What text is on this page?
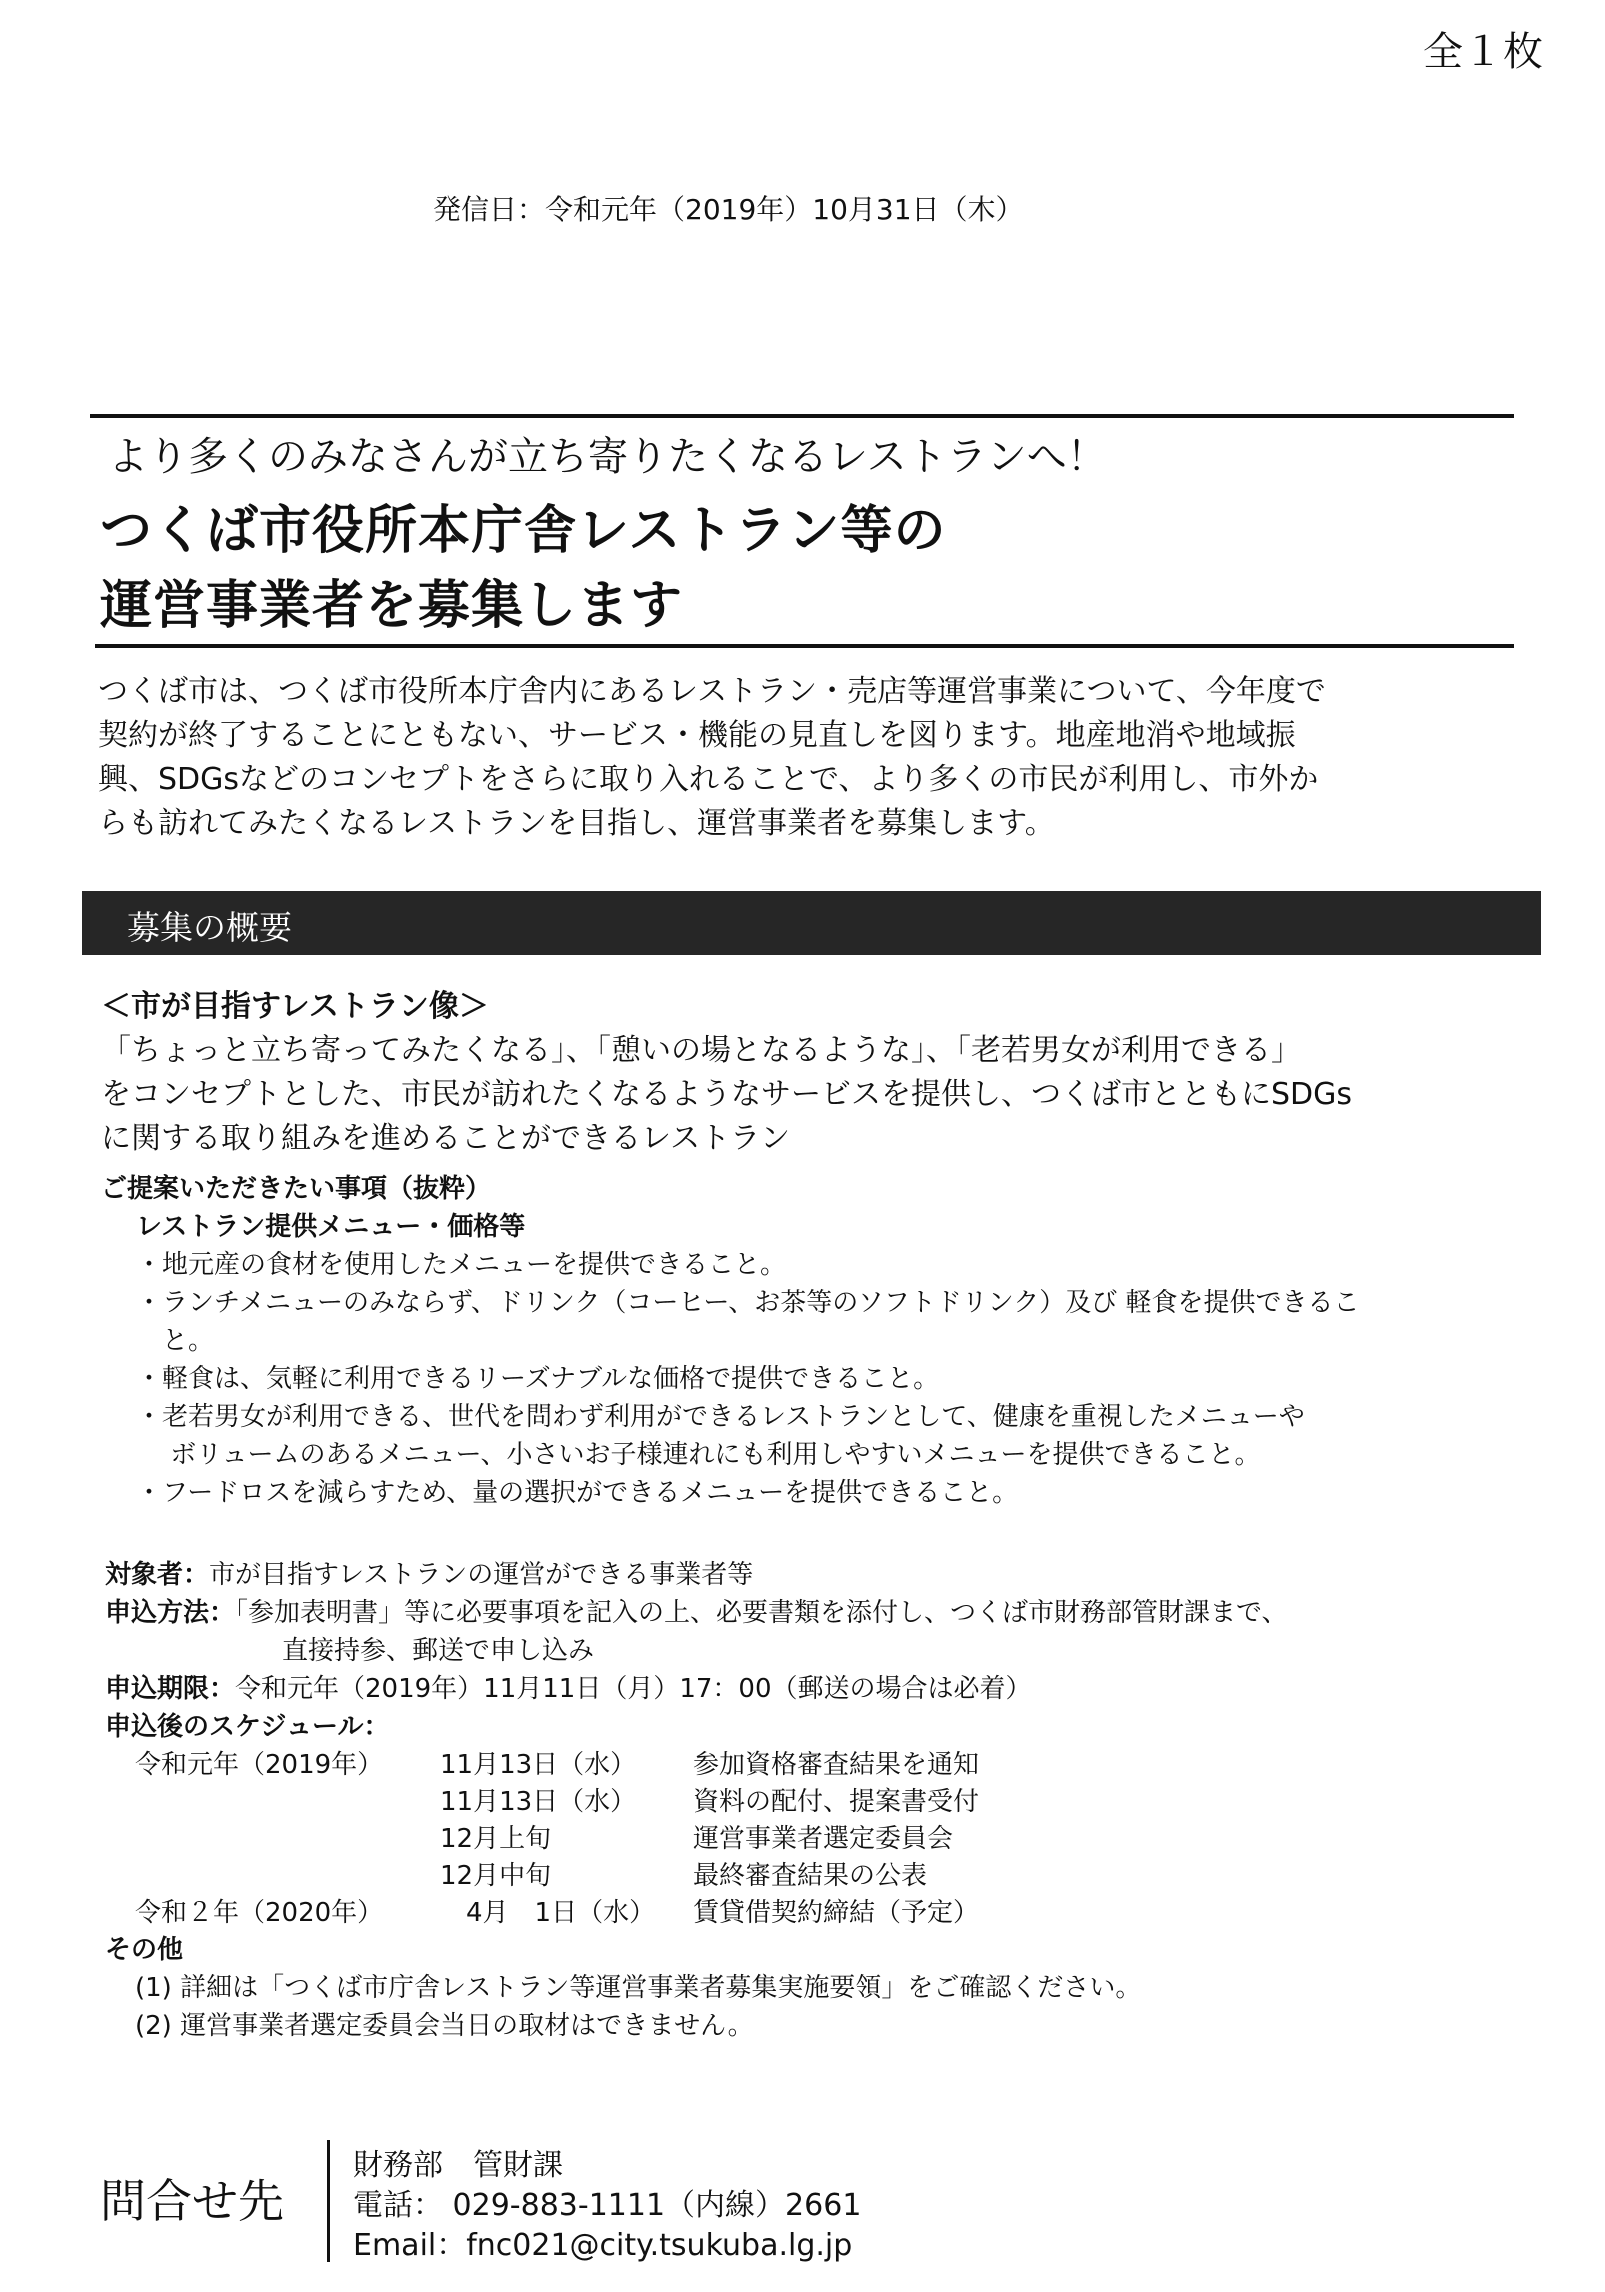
全１枚
発信日：令和元年（2019年）10月31日（木）
より多くのみなさんが立ち寄りたくなるレストランへ！
つくば市役所本庁舎レストラン等の
運営事業者を募集します
つくば市は、つくば市役所本庁舎内にあるレストラン・売店等運営事業について、今年度で
契約が終了することにともない、サービス・機能の見直しを図ります。地産地消や地域振
興、SDGsなどのコンセプトをさらに取り入れることで、より多くの市民が利用し、市外か
らも訪れてみたくなるレストランを目指し、運営事業者を募集します。
募集の概要
＜市が目指すレストラン像＞
「ちょっと立ち寄ってみたくなる」、「憩いの場となるような」、「老若男女が利用できる」
をコンセプトとした、市民が訪れたくなるようなサービスを提供し、つくば市とともにSDGs
に関する取り組みを進めることができるレストラン
ご提案いただきたい事項（抜粋）
レストラン提供メニュー・価格等
・地元産の食材を使用したメニューを提供できること。
・ランチメニューのみならず、ドリンク（コーヒー、お茶等のソフトドリンク）及び 軽食を提供できるこ
　と。
・軽食は、気軽に利用できるリーズナブルな価格で提供できること。
・老若男女が利用できる、世代を問わず利用ができるレストランとして、健康を重視したメニューや
　 ボリュームのあるメニュー、小さいお子様連れにも利用しやすいメニューを提供できること。
・フードロスを減らすため、量の選択ができるメニューを提供できること。
対象者：市が目指すレストランの運営ができる事業者等
申込方法：「参加表明書」等に必要事項を記入の上、必要書類を添付し、つくば市財務部管財課まで、
直接持参、郵送で申し込み
申込期限：令和元年（2019年）11月11日（月）17：00（郵送の場合は必着）
申込後のスケジュール：
令和元年（2019年） 11月13日（水） 参加資格審査結果を通知
11月13日（水） 資料の配付、提案書受付
12月上旬	運営事業者選定委員会
12月中旬	最終審査結果の公表
令和２年（2020年） 　4月　1日（水） 賃貸借契約締結（予定）
その他
(1) 詳細は「つくば市庁舎レストラン等運営事業者募集実施要領」をご確認ください。
(2) 運営事業者選定委員会当日の取材はできません。
問合せ先
財務部　管財課
電話： 029-883-1111（内線）2661
Email：fnc021@city.tsukuba.lg.jp
